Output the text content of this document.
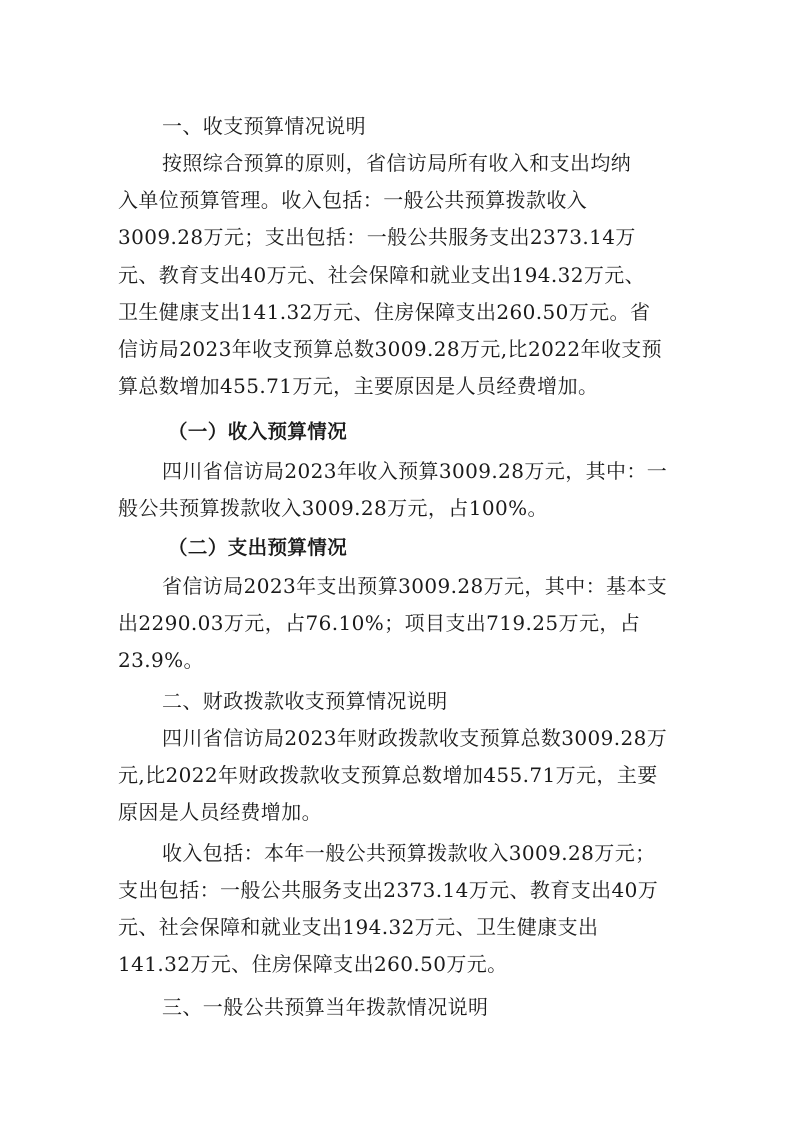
一、收支预算情况说明
按照综合预算的原则，省信访局所有收入和支出均纳
入单位预算管理。收入包括：一般公共预算拨款收入
3009.28万元；支出包括：一般公共服务支出2373.14万
元、教育支出40万元、社会保障和就业支出194.32万元、
卫生健康支出141.32万元、住房保障支出260.50万元。省
信访局2023年收支预算总数3009.28万元,比2022年收支预
算总数增加455.71万元，主要原因是人员经费增加。
（一）收入预算情况
四川省信访局2023年收入预算3009.28万元，其中：一
般公共预算拨款收入3009.28万元，占100%。
（二）支出预算情况
省信访局2023年支出预算3009.28万元，其中：基本支
出2290.03万元，占76.10%；项目支出719.25万元，占
23.9%。
二、财政拨款收支预算情况说明
四川省信访局2023年财政拨款收支预算总数3009.28万
元,比2022年财政拨款收支预算总数增加455.71万元，主要
原因是人员经费增加。
收入包括：本年一般公共预算拨款收入3009.28万元；
支出包括：一般公共服务支出2373.14万元、教育支出40万
元、社会保障和就业支出194.32万元、卫生健康支出
141.32万元、住房保障支出260.50万元。
三、一般公共预算当年拨款情况说明
